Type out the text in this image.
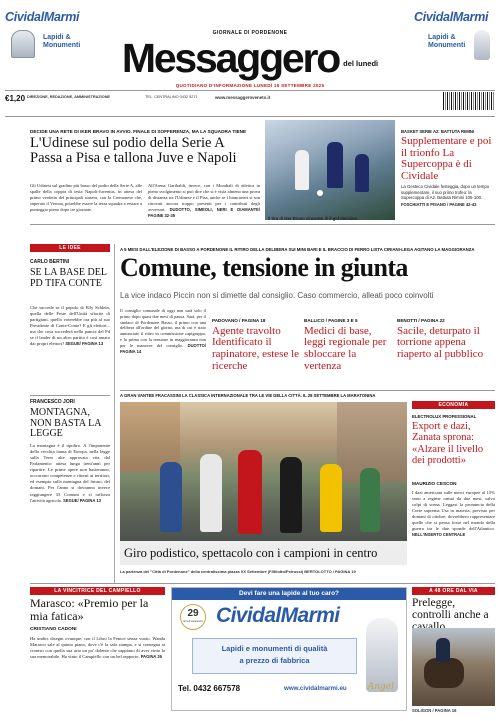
CividalMarmi
Lapidi &
Monumenti
CividalMarmi
Lapidi &
Monumenti
GIORNALE DI PORDENONE
Messaggero $^{del lunedì}$
QUOTIDIANO D'INFORMAZIONE LUNEDÌ 15 SETTEMBRE 2025
€1,20 DIREZIONE, REDAZIONE, AMMINISTRAZIONE	TEL. CENTRALINO 0432 5271	www.messaggeroveneto.it
DECIDE UNA RETE DI IKER BRAVO IN AVVIO. FINALE DI SOFFERENZA, MA LA SQUADRA TIENE
L'Udinese sul podio della Serie A
Passa a Pisa e tallona Juve e Napoli
Gli Udinesi sul gradino più basso del podio della Serie A, alle spalle della coppia di testa Napoli-Juventus, in attesa del primo verdetto del principali stasera, con la Cremonese che, superato il Verona, potrebbe essere la terza squadra a restare a punteggio pieno dopo tre giornate.
All'Arena Garibaldi, invece, con i Mondiali di atletica in pieno svolgimento si può dire che si è vista almeno una prova di distanza tra l'Udinese e il Pisa, anche se i bianconeri si son ritrovati ancora troppo presenti per i contributi degli avversari. DUDOTTO, SIMEOLI, NERI E DIAMANTE/ PAGINE 32-35
Il tiro di Iker Bravo vincente. È il gol decisivo
BASKET SERIE A2: BATTUTA RIMINI
Supplementare e poi il trionfo La Supercoppa è di Cividale
La Gesteco Cividale festeggia, dopo un tempo supplementare, il suo primo trofeo: la Supercoppa di A2. Battuta Rimini 105-100.
FOSCHIATTI E PISANO / PAGINE 42-43
LE IDEE
CARLO BERTINI
SE LA BASE DEL PD TIFA CONTE
Che succede se il popolo di Elly Schlein, quella delle Feste dell'Unità sfiorite di partigiani, quello voterebbe ora più al suo Presidente di Conte-Conte? E gli elettori... ma che cosa succederà nella pancia del Pd se il leader di un altro partito è così amato dai propri elettori? SEGUE/ PAGINA 13
FRANCESCO JORI
MONTAGNA, NON BASTA LA LEGGE
La montagna è il tipoltro. A l'imponente della vecchia fauna di Europa, nella legge sulla Terre alte approvata vita dal Parlamento: attesa lunga trent'anni per ripartire. Le prime opere non basteranno, occorrono competenze e ritorni ai territori, ed esempio sulla montagna del futuro, del domani. Per l'anno si dovranno invece raggiungere 33 Comuni e si rafforza l'attività agricola. SEGUE/ PAGINA 13
A 5 MESI DALL'ELEZIONE DI BASSO A PORDENONE IL RITIRO DELLA DELIBERA SUI MINI BARI E IL BRACCIO DI FERRO LISTA CIRIANI-LEGA AGITANO LA MAGGIORANZA
Comune, tensione in giunta
La vice indaco Piccin non si dimette dal consiglio. Caso commercio, alleati poco coinvolti
Il consiglio comunale di oggi non sarà solo il primo dopo quasi due mesi di pausa. Sarà, per il sindaco di Pordenone Basso, il primo con una delibera all'ordine del giorno, ma di cui è stato annunciato il ritiro in commissione capigruppo, e la prima con la tensione in maggioranza non per le manovre del consiglio. DUOTTO/ PAGINA 14
PADOVANO / PAGINA 18
Agente travolto Identificato il rapinatore, estese le ricerche
BALLICO / PAGINE 3 E 5
Medici di base, leggi regionale per sbloccare la vertenza
BENOTTI / PAGINA 22
Sacile, deturpato il torrione appena riaperto al pubblico
A GRAN VANTEE FRACASSINI LA CLASSICA INTERNAZIONALE TRA LE VIE DELLA CITTÀ. IL 28 SETTEMBRE LA MARATONINA
Giro podistico, spettacolo con i campioni in centro
La partenza del "Città di Pordenone" della centralissima piazza XX Settembre (F.Bilotto/Petrussi) BERTOLOTTO / PAGINA 19
ECONOMIA
ELECTROLUX PROFESSIONAL
Export e dazi, Zanata sprona: «Alzare il livello dei prodotti»
MAURIZIO CESCON
I dazi americani sulle merci europee al 15% sono a regime ormai da due mesi, salvo colpi di scena. Leggasi la pronuncia della Corte suprema Usa in materia, previsto per domani di ottobre, dovrebbero rappresentare quelle che si pensa fosse nel mondo della guerra tra le due sponde dell'Atlantico. NELL'INSERTO CENTRALE
LA VINCITRICE DEL CAMPIELLO
Marasco: «Premio per la mia fatica»
CRISTIANO CADONI
Ha undici disegni ovunque, con il Libro la Fenice senza vuoto. Wanda Marasco sale al quinto piano, dove c'è la sala stampa, e si consegna ai cronisti con quella sua aria un po' dolente che sappiano di aver vinto la sua memorabile. Ha vinto il Campiello con un bel rapporto. PAGINA 26
Devi fare una lapide al tuo caro?
29
anni di esperienza CividalMarmi
Lapidi e monumenti di qualità
a prezzo di fabbrica
Tel. 0432 667578	www.cividalmarmi.eu Angel
A 48 ORE DAL VIA
Prelegge, controlli anche a
SOLIGON / PAGINA 16
